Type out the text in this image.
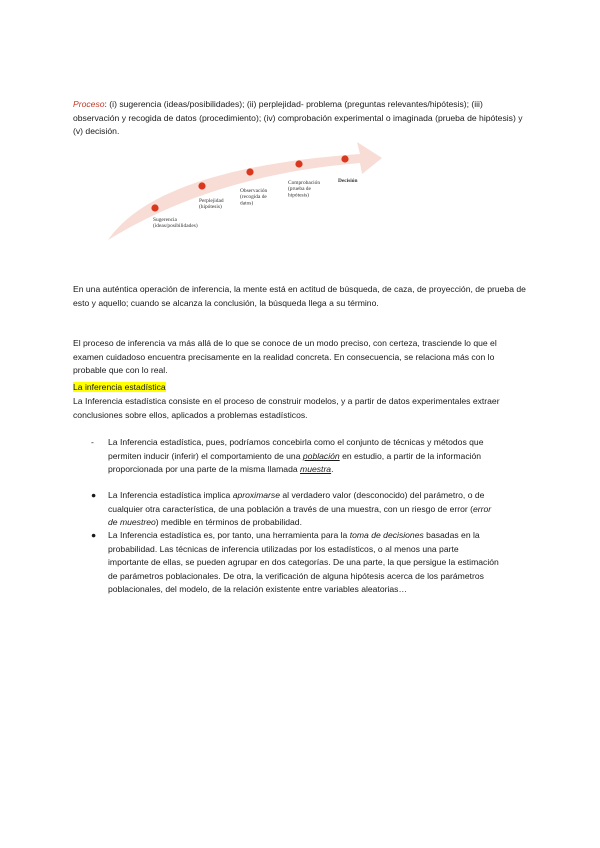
Proceso: (i) sugerencia (ideas/posibilidades); (ii) perplejidad- problema (preguntas relevantes/hipótesis); (iii) observación y recogida de datos (procedimiento); (iv) comprobación experimental o imaginada (prueba de hipótesis) y (v) decisión.

Sugerencia (ideas/posibilidades)
Perplejidad (hipótesis)
Observación (recogida de datos)
Comprobación (prueba de hipótesis)
Decisión

En una auténtica operación de inferencia, la mente está en actitud de búsqueda, de caza, de proyección, de prueba de esto y aquello; cuando se alcanza la conclusión, la búsqueda llega a su término.

El proceso de inferencia va más allá de lo que se conoce de un modo preciso, con certeza, trasciende lo que el examen cuidadoso encuentra precisamente en la realidad concreta. En consecuencia, se relaciona más con lo probable que con lo real.

La inferencia estadística

La Inferencia estadística consiste en el proceso de construir modelos, y a partir de datos experimentales extraer conclusiones sobre ellos, aplicados a problemas estadísticos.

- La Inferencia estadística, pues, podríamos concebirla como el conjunto de técnicas y métodos que permiten inducir (inferir) el comportamiento de una población en estudio, a partir de la información proporcionada por una parte de la misma llamada muestra.

● La Inferencia estadística implica aproximarse al verdadero valor (desconocido) del parámetro, o de cualquier otra característica, de una población a través de una muestra, con un riesgo de error (error de muestreo) medible en términos de probabilidad.

● La Inferencia estadística es, por tanto, una herramienta para la toma de decisiones basadas en la probabilidad. Las técnicas de inferencia utilizadas por los estadísticos, o al menos una parte importante de ellas, se pueden agrupar en dos categorías. De una parte, la que persigue la estimación de parámetros poblacionales. De otra, la verificación de alguna hipótesis acerca de los parámetros poblacionales, del modelo, de la relación existente entre variables aleatorias…
